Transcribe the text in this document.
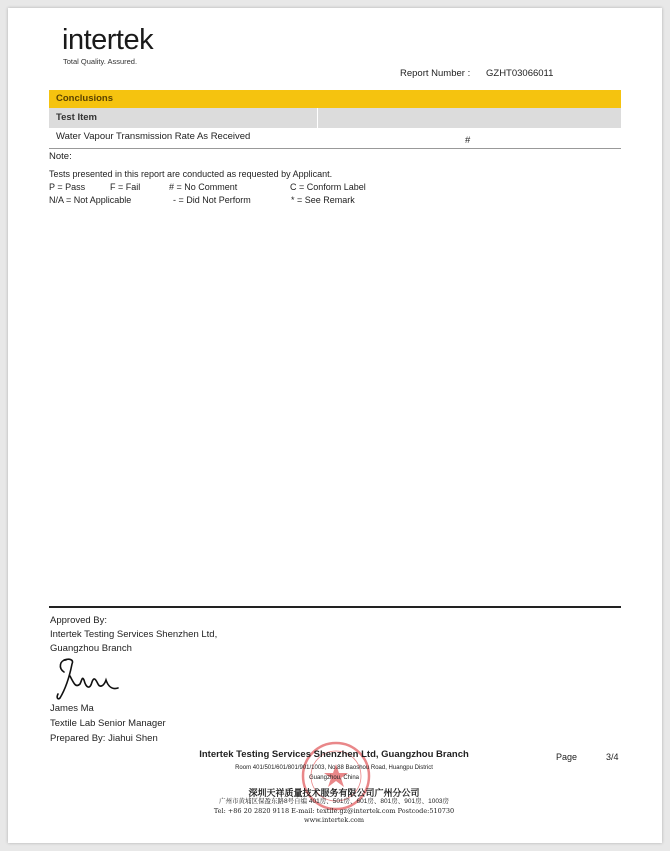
intertek
Total Quality. Assured.
Report Number : GZHT03066011
Conclusions
Test Item
Water Vapour Transmission Rate As Received	#
Note:
Tests presented in this report are conducted as requested by Applicant.
P = Pass	F = Fail	# = No Comment	C = Conform Label
N/A = Not Applicable	- = Did Not Perform	* = See Remark
Approved By:
Intertek Testing Services Shenzhen Ltd,
Guangzhou Branch
James Ma
Textile Lab Senior Manager
Prepared By: Jiahui Shen
Intertek Testing Services Shenzhen Ltd, Guangzhou Branch
Room 401/501/601/801/901/1003, No.88 Baoshou Road, Huangpu District
Guangzhou, China
深圳天祥质量技术服务有限公司广州分公司
广州市黄埔区保盈东路8号自编 401房、501房、601房、801房、901房、1003房
Tel: +86 20 2820 9118 E-mail: textile.gz@intertek.com Postcode:510730
www.intertek.com
Page	3/4
